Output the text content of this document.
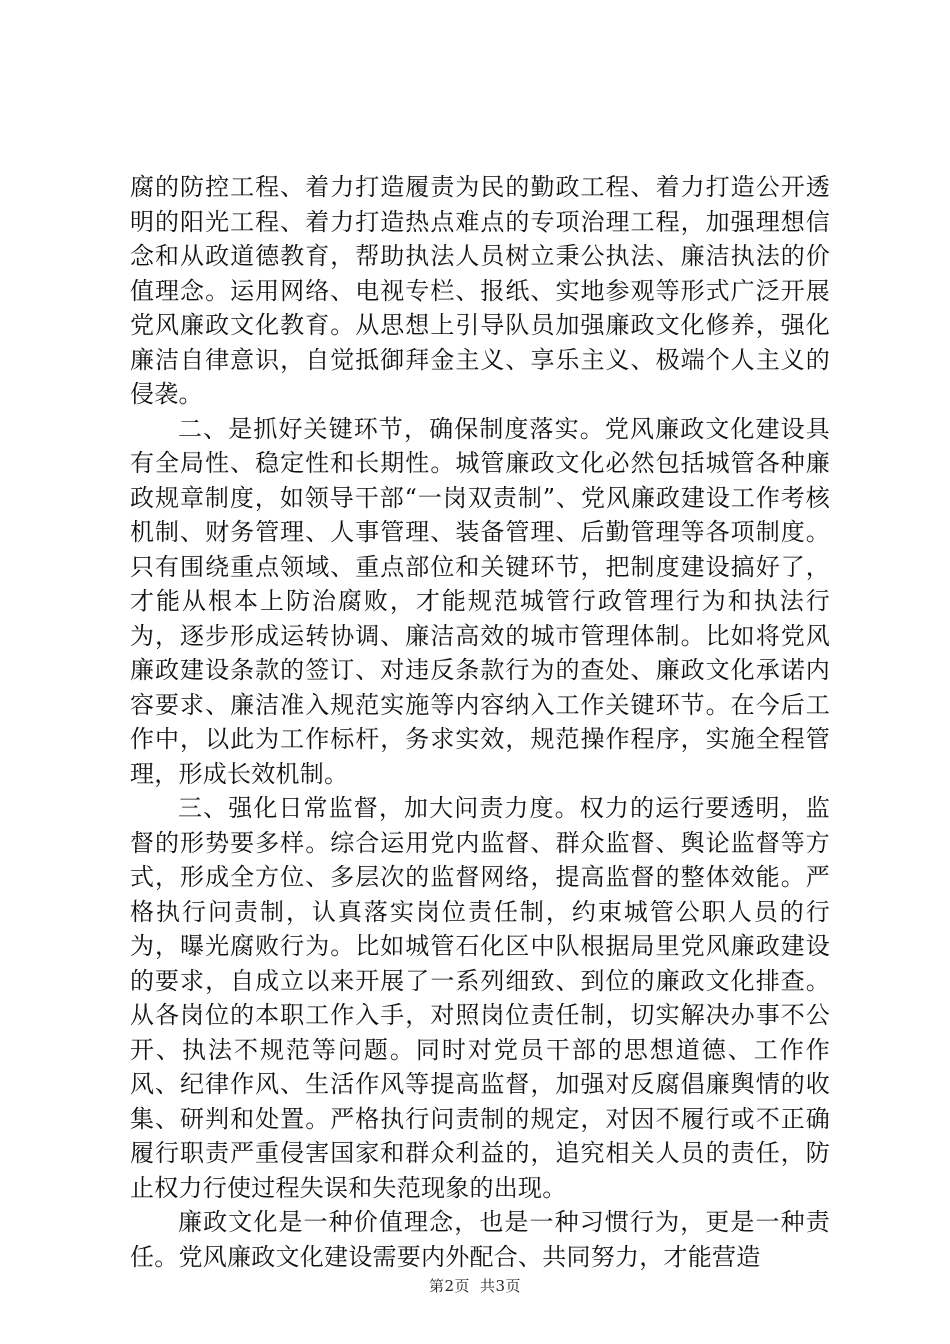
腐的防控工程、着力打造履责为民的勤政工程、着力打造公开透明的阳光工程、着力打造热点难点的专项治理工程，加强理想信念和从政道德教育，帮助执法人员树立秉公执法、廉洁执法的价值理念。运用网络、电视专栏、报纸、实地参观等形式广泛开展党风廉政文化教育。从思想上引导队员加强廉政文化修养，强化廉洁自律意识，自觉抵御拜金主义、享乐主义、极端个人主义的侵袭。

二、是抓好关键环节，确保制度落实。党风廉政文化建设具有全局性、稳定性和长期性。城管廉政文化必然包括城管各种廉政规章制度，如领导干部“一岗双责制”、党风廉政建设工作考核机制、财务管理、人事管理、装备管理、后勤管理等各项制度。只有围绕重点领域、重点部位和关键环节，把制度建设搞好了，才能从根本上防治腐败，才能规范城管行政管理行为和执法行为，逐步形成运转协调、廉洁高效的城市管理体制。比如将党风廉政建设条款的签订、对违反条款行为的查处、廉政文化承诺内容要求、廉洁准入规范实施等内容纳入工作关键环节。在今后工作中，以此为工作标杆，务求实效，规范操作程序，实施全程管理，形成长效机制。

三、强化日常监督，加大问责力度。权力的运行要透明，监督的形势要多样。综合运用党内监督、群众监督、舆论监督等方式，形成全方位、多层次的监督网络，提高监督的整体效能。严格执行问责制，认真落实岗位责任制，约束城管公职人员的行为，曝光腐败行为。比如城管石化区中队根据局里党风廉政建设的要求，自成立以来开展了一系列细致、到位的廉政文化排查。从各岗位的本职工作入手，对照岗位责任制，切实解决办事不公开、执法不规范等问题。同时对党员干部的思想道德、工作作风、纪律作风、生活作风等提高监督，加强对反腐倡廉舆情的收集、研判和处置。严格执行问责制的规定，对因不履行或不正确履行职责严重侵害国家和群众利益的，追究相关人员的责任，防止权力行使过程失误和失范现象的出现。

廉政文化是一种价值理念，也是一种习惯行为，更是一种责任。党风廉政文化建设需要内外配合、共同努力，才能营造

第2页 共3页
